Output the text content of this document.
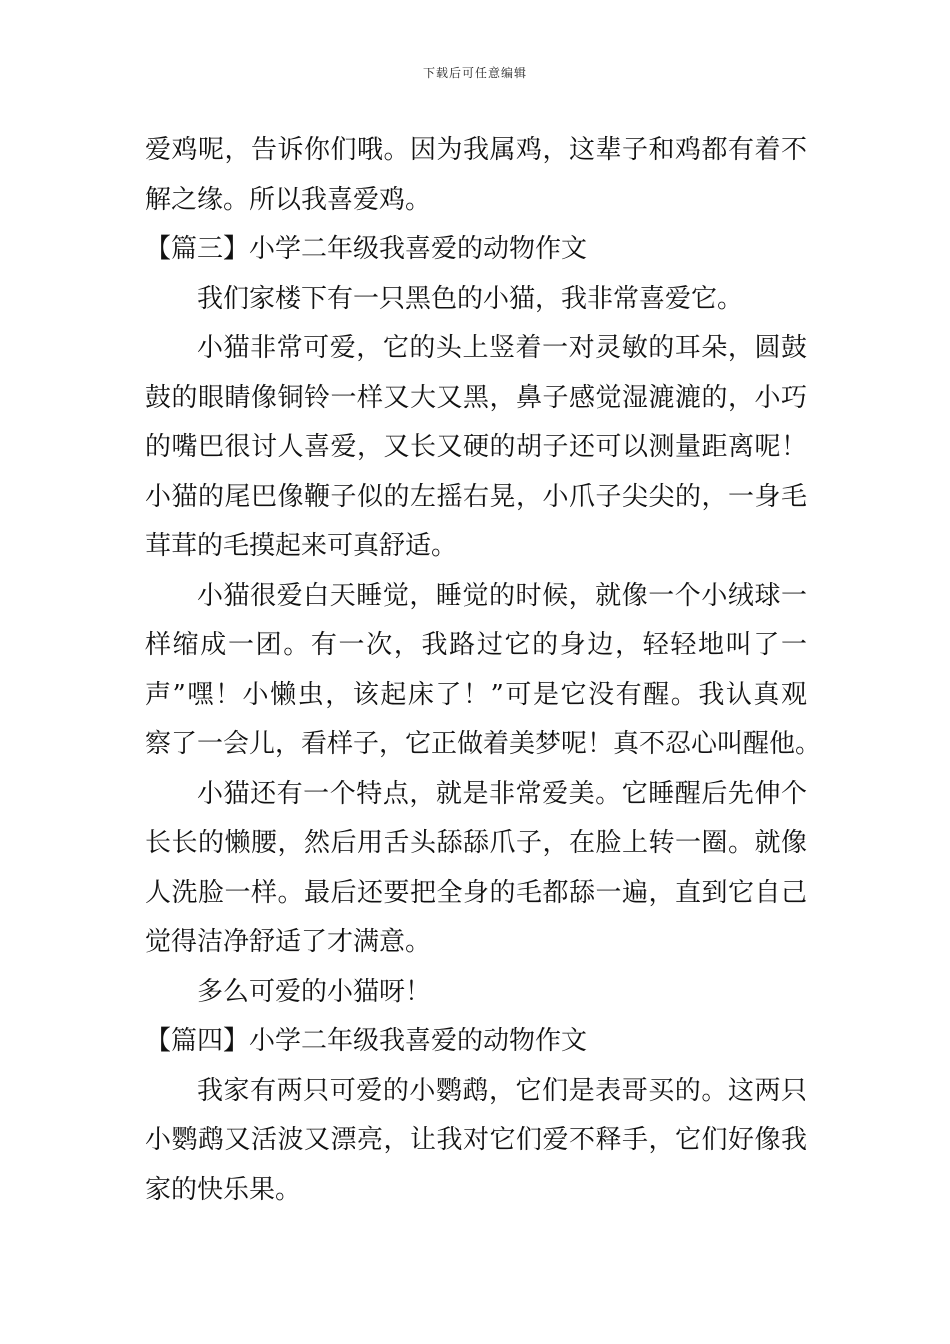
下载后可任意编辑
爱鸡呢，告诉你们哦。因为我属鸡，这辈子和鸡都有着不
解之缘。所以我喜爱鸡。
【篇三】小学二年级我喜爱的动物作文
我们家楼下有一只黑色的小猫，我非常喜爱它。
小猫非常可爱，它的头上竖着一对灵敏的耳朵，圆鼓
鼓的眼睛像铜铃一样又大又黑，鼻子感觉湿漉漉的，小巧
的嘴巴很讨人喜爱，又长又硬的胡子还可以测量距离呢！
小猫的尾巴像鞭子似的左摇右晃，小爪子尖尖的，一身毛
茸茸的毛摸起来可真舒适。
小猫很爱白天睡觉，睡觉的时候，就像一个小绒球一
样缩成一团。有一次，我路过它的身边，轻轻地叫了一
声”嘿！小懒虫，该起床了！”可是它没有醒。我认真观
察了一会儿，看样子，它正做着美梦呢！真不忍心叫醒他。
小猫还有一个特点，就是非常爱美。它睡醒后先伸个
长长的懒腰，然后用舌头舔舔爪子，在脸上转一圈。就像
人洗脸一样。最后还要把全身的毛都舔一遍，直到它自己
觉得洁净舒适了才满意。
多么可爱的小猫呀！
【篇四】小学二年级我喜爱的动物作文
我家有两只可爱的小鹦鹉，它们是表哥买的。这两只
小鹦鹉又活波又漂亮，让我对它们爱不释手，它们好像我
家的快乐果。
